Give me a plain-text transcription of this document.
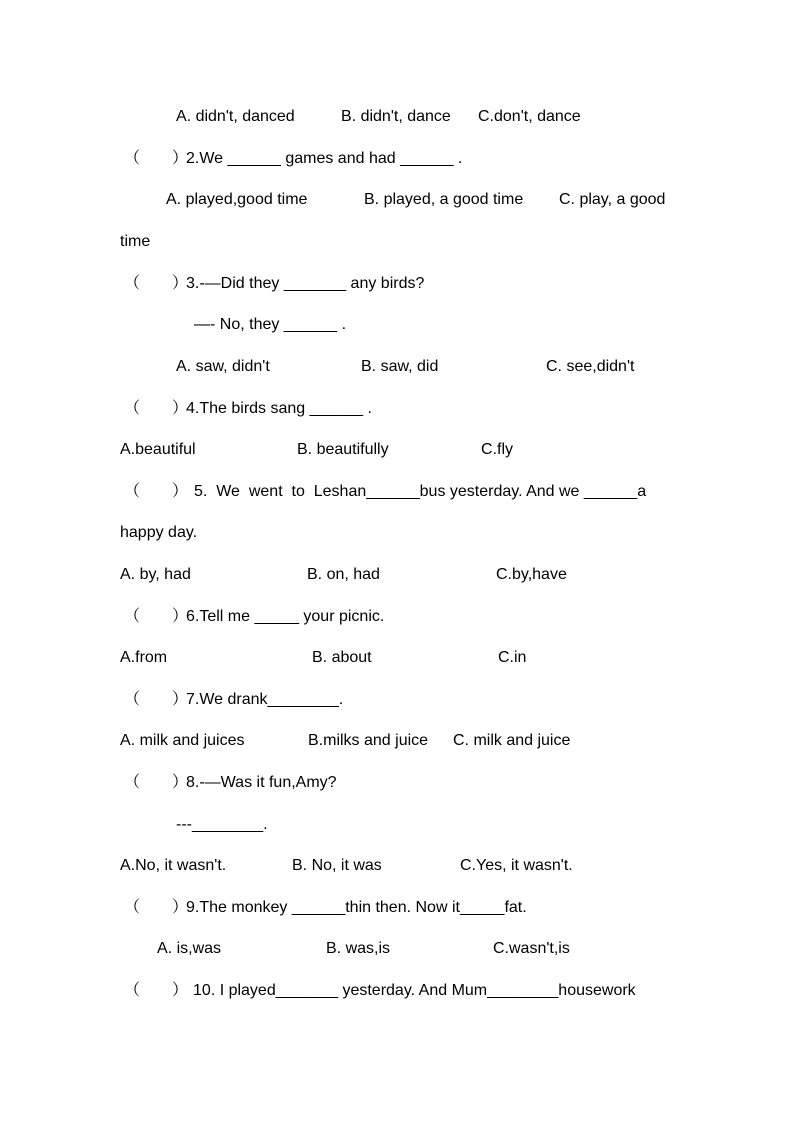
A. didn't, danced	B. didn't, dance C.don't, dance
（　　）
2.We ______ games and had ______ .
A. played,good time	B. played, a good time C. play, a good
time
（　　）
3.-—Did they _______ any birds?
—- No, they ______ .
A. saw, didn't	B. saw, did	C. see,didn't
（　　）
4.The birds sang ______ .
A.beautiful	B. beautifully	C.fly
（　　） 5.  We  went  to  Leshan______bus yesterday. And we ______a
happy day.
A. by, had	B. on, had	C.by,have
（　　）
6.Tell me _____ your picnic.
A.from	B. about	C.in
（　　）
7.We drank________.
A. milk and juices	B.milks and juice C. milk and juice
（　　）
8.-—Was it fun,Amy?
---________.
A.No, it wasn't.	B. No, it was	C.Yes, it wasn't.
（　　）
9.The monkey ______thin then. Now it_____fat.
A. is,was	B. was,is	C.wasn't,is
（　　） 10. I played_______ yesterday. And Mum________housework
